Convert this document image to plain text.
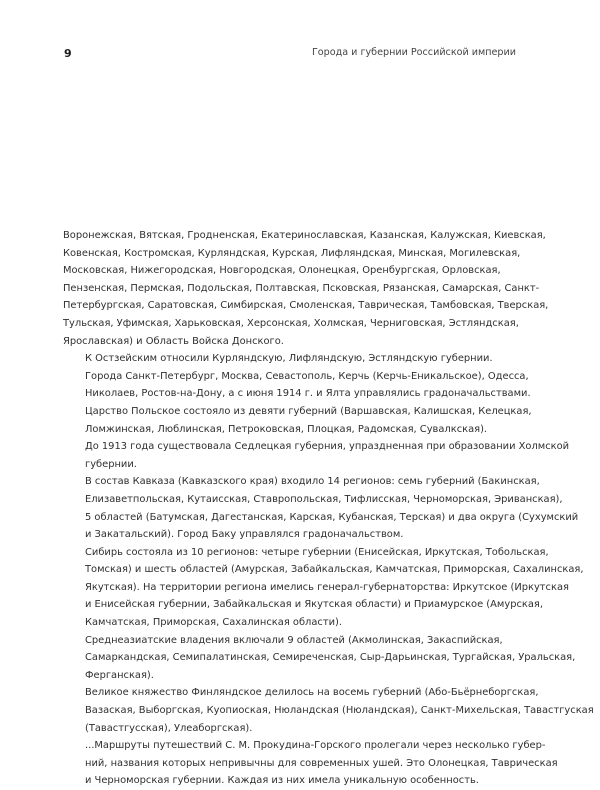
9	Города и губернии Российской империи

Воронежская, Вятская, Гродненская, Екатеринославская, Казанская, Калужская, Киевская,
Ковенская, Костромская, Курляндская, Курская, Лифляндская, Минская, Могилевская,
Московская, Нижегородская, Новгородская, Олонецкая, Оренбургская, Орловская,
Пензенская, Пермская, Подольская, Полтавская, Псковская, Рязанская, Самарская, Санкт-
Петербургская, Саратовская, Симбирская, Смоленская, Таврическая, Тамбовская, Тверская,
Тульская, Уфимская, Харьковская, Херсонская, Холмская, Черниговская, Эстляндская,
Ярославская) и Область Войска Донского.

К Остзейским относили Курляндскую, Лифляндскую, Эстляндскую губернии.

Города Санкт-Петербург, Москва, Севастополь, Керчь (Керчь-Еникальское), Одесса,
Николаев, Ростов-на-Дону, а с июня 1914 г. и Ялта управлялись градоначальствами.

Царство Польское состояло из девяти губерний (Варшавская, Калишская, Келецкая,
Ломжинская, Люблинская, Петроковская, Плоцкая, Радомская, Сувалкская).

До 1913 года существовала Седлецкая губерния, упраздненная при образовании Холмской
губернии.

В состав Кавказа (Кавказского края) входило 14 регионов: семь губерний (Бакинская,
Елизаветпольская, Кутаисская, Ставропольская, Тифлисская, Черноморская, Эриванская),
5 областей (Батумская, Дагестанская, Карская, Кубанская, Терская) и два округа (Сухумский
и Закатальский). Город Баку управлялся градоначальством.

Сибирь состояла из 10 регионов: четыре губернии (Енисейская, Иркутская, Тобольская,
Томская) и шесть областей (Амурская, Забайкальская, Камчатская, Приморская, Сахалинская,
Якутская). На территории региона имелись генерал-губернаторства: Иркутское (Иркутская
и Енисейская губернии, Забайкальская и Якутская области) и Приамурское (Амурская,
Камчатская, Приморская, Сахалинская области).

Среднеазиатские владения включали 9 областей (Акмолинская, Закаспийская,
Самаркандская, Семипалатинская, Семиреченская, Сыр-Дарьинская, Тургайская, Уральская,
Ферганская).

Великое княжество Финляндское делилось на восемь губерний (Або-Бьёрнеборгская,
Вазаская, Выборгская, Куопиоская, Нюландская (Нюландская), Санкт-Михельская, Тавастгуская
(Тавастгусская), Улеаборгская).

...Маршруты путешествий С. М. Прокудина-Горского пролегали через несколько губер-
ний, названия которых непривычны для современных ушей. Это Олонецкая, Таврическая
и Черноморская губернии. Каждая из них имела уникальную особенность.
